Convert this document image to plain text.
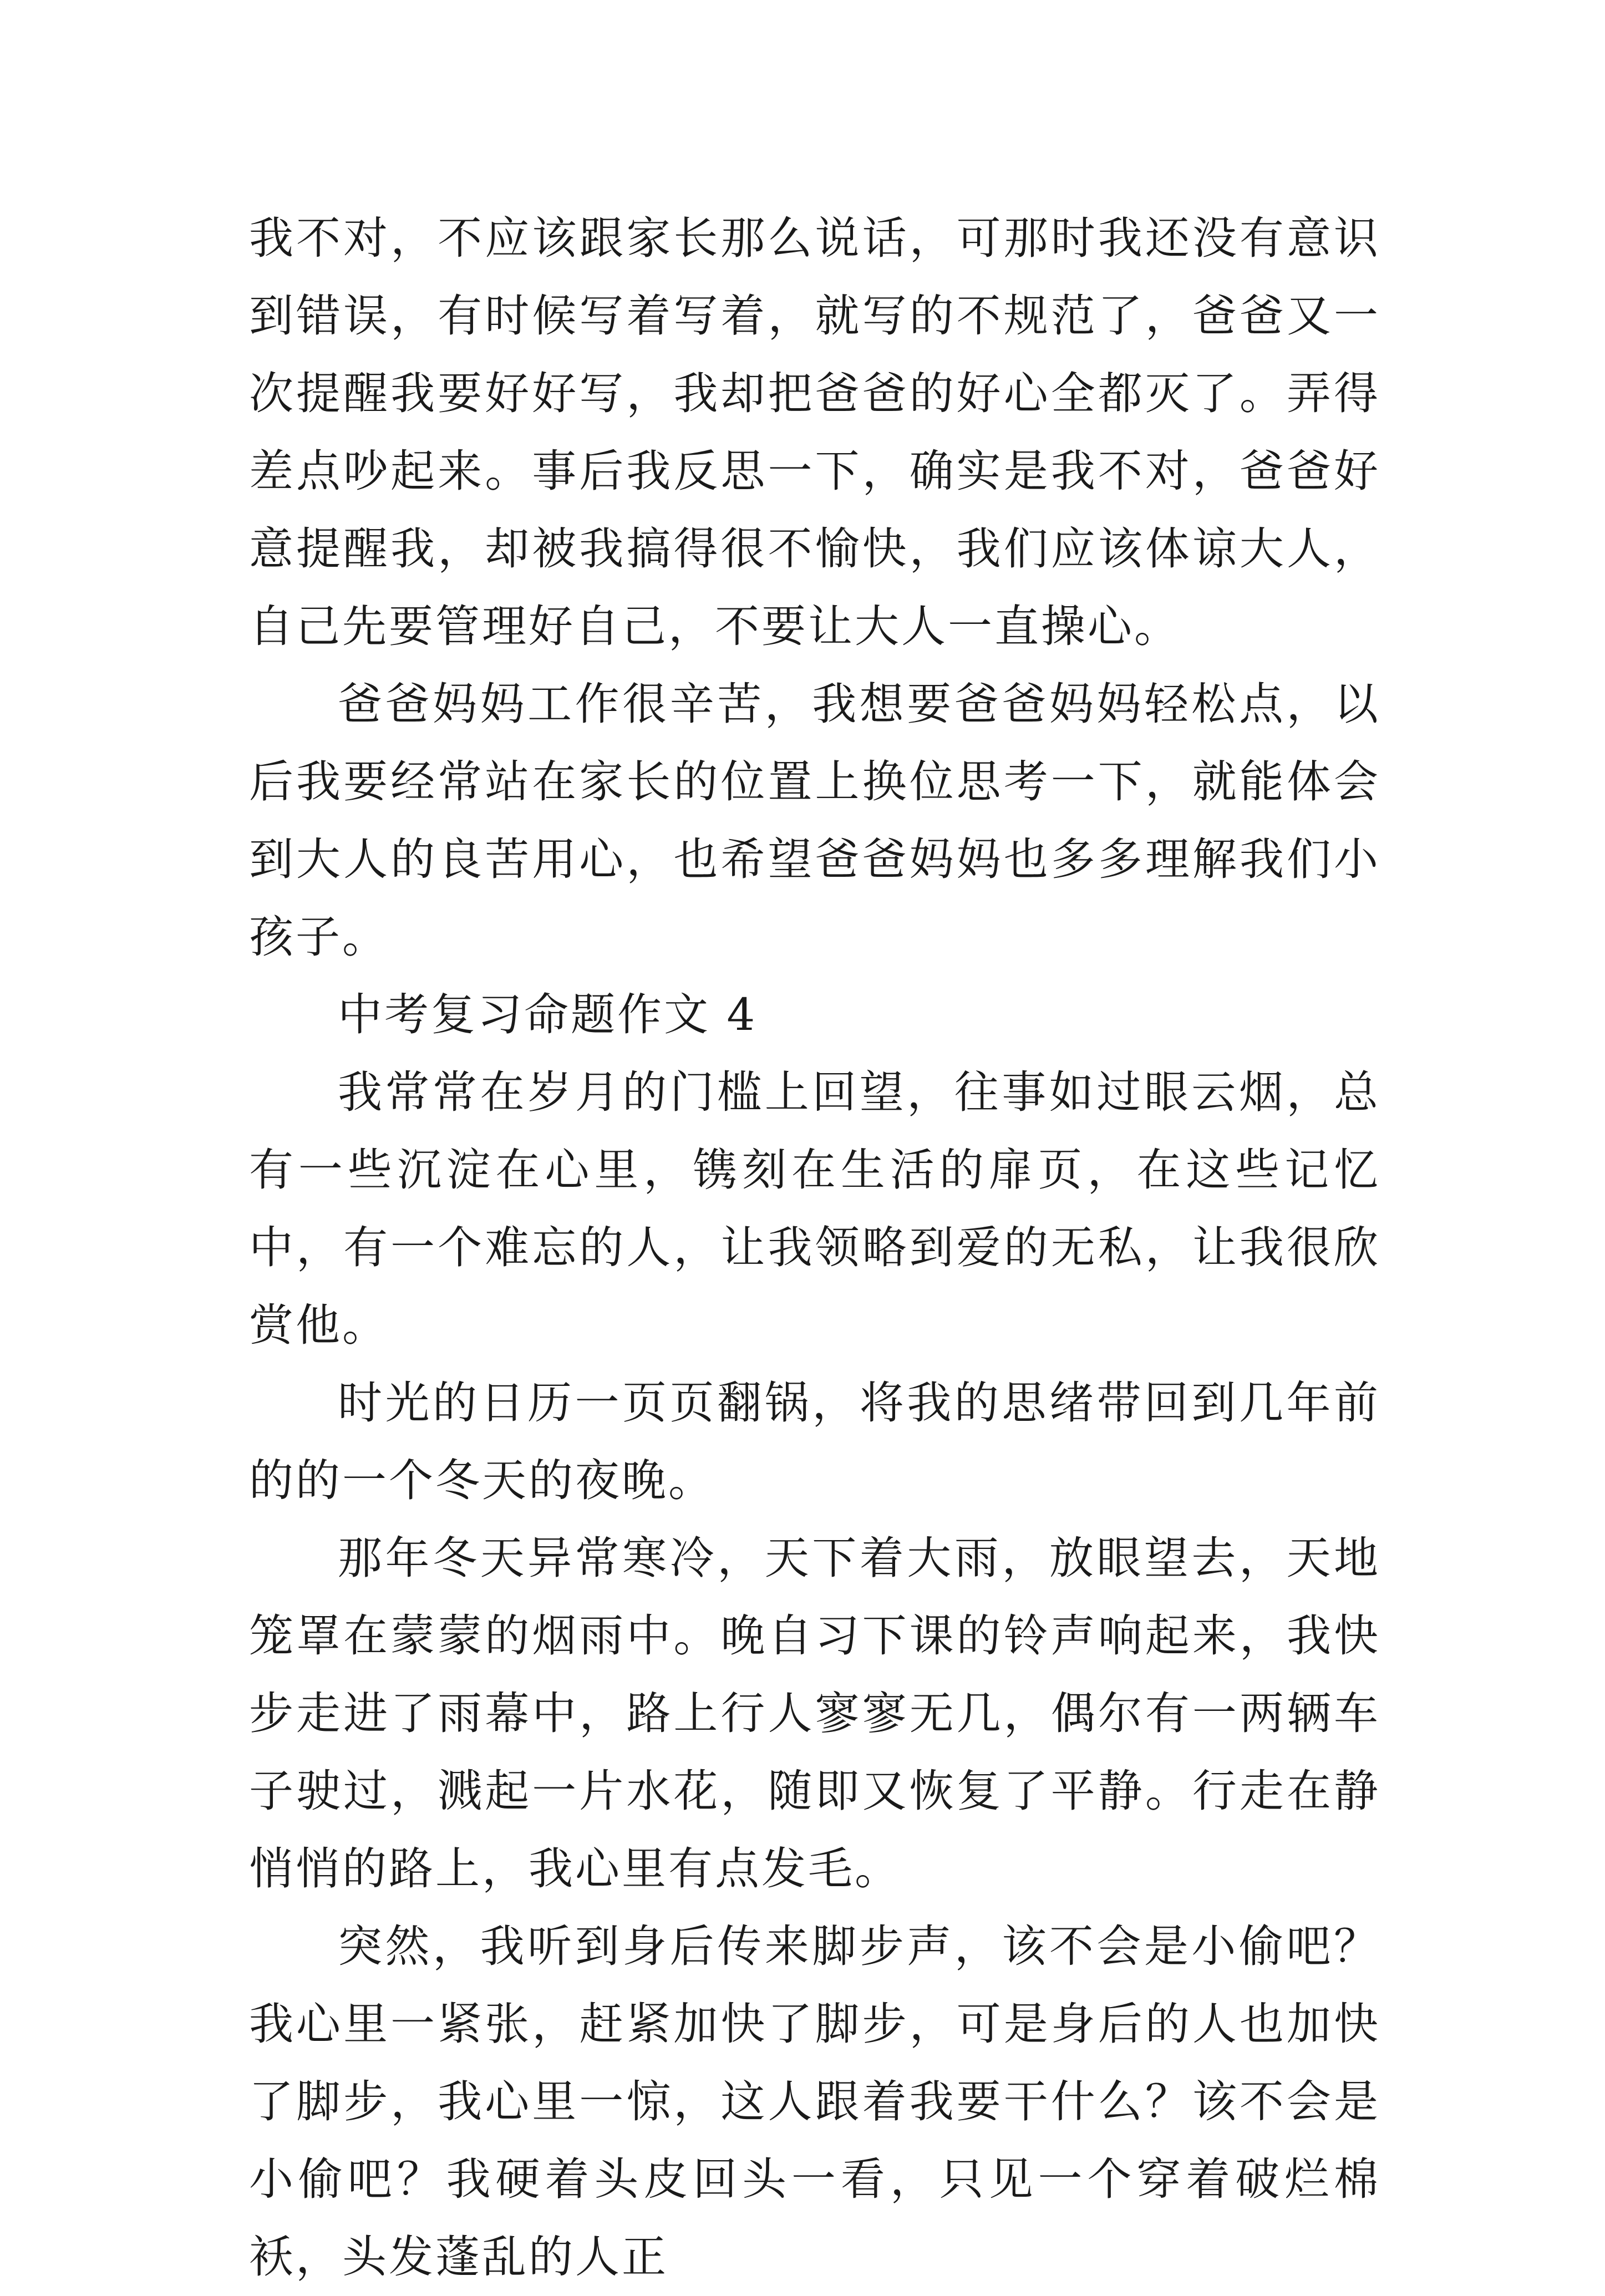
我不对，不应该跟家长那么说话，可那时我还没有意识到错误，有时候写着写着，就写的不规范了，爸爸又一次提醒我要好好写，我却把爸爸的好心全都灭了。弄得差点吵起来。事后我反思一下，确实是我不对，爸爸好意提醒我，却被我搞得很不愉快，我们应该体谅大人，自己先要管理好自己，不要让大人一直操心。

爸爸妈妈工作很辛苦，我想要爸爸妈妈轻松点，以后我要经常站在家长的位置上换位思考一下，就能体会到大人的良苦用心，也希望爸爸妈妈也多多理解我们小孩子。

中考复习命题作文 4

我常常在岁月的门槛上回望，往事如过眼云烟，总有一些沉淀在心里，镌刻在生活的扉页，在这些记忆中，有一个难忘的人，让我领略到爱的无私，让我很欣赏他。

时光的日历一页页翻锅，将我的思绪带回到几年前的的一个冬天的夜晚。

那年冬天异常寒冷，天下着大雨，放眼望去，天地笼罩在蒙蒙的烟雨中。晚自习下课的铃声响起来，我快步走进了雨幕中，路上行人寥寥无几，偶尔有一两辆车子驶过，溅起一片水花，随即又恢复了平静。行走在静悄悄的路上，我心里有点发毛。

突然，我听到身后传来脚步声，该不会是小偷吧？我心里一紧张，赶紧加快了脚步，可是身后的人也加快了脚步，我心里一惊，这人跟着我要干什么？该不会是小偷吧？我硬着头皮回头一看，只见一个穿着破烂棉袄，头发蓬乱的人正
